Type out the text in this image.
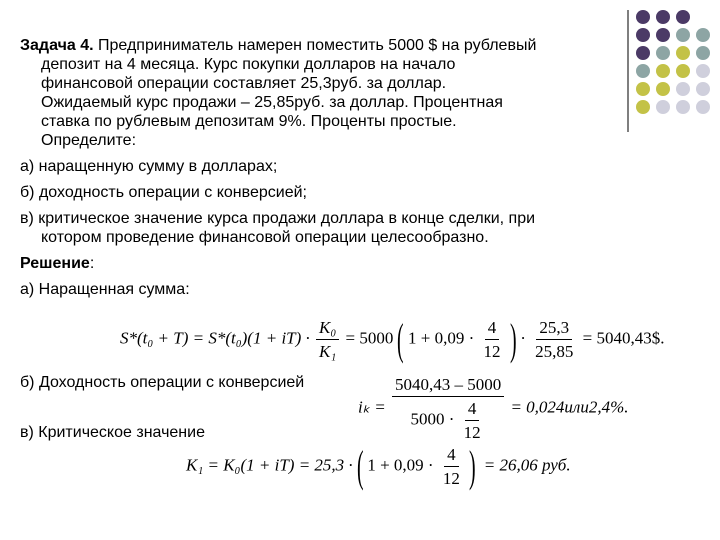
Задача 4. Предприниматель намерен поместить 5000 $ на рублевый

депозит на 4 месяца. Курс покупки долларов на начало

финансовой операции составляет 25,3руб. за доллар.

Ожидаемый курс продажи – 25,85руб. за доллар. Процентная

ставка по рублевым депозитам 9%. Проценты простые.

Определите:

а) наращенную сумму в долларах;

б) доходность операции с конверсией;

в) критическое значение курса продажи доллара в конце сделки, при

котором проведение финансовой операции целесообразно.

Решение:

а) Наращенная сумма:

$S*(t_0 + T) = S*(t_0)(1 + iT) \cdot \frac{\text{K₀}}{\text{K₁}} = 5000$( $1 + 0,09 \cdot \frac{4}{12}$ ) · $\frac{25,3}{25,85}$ = 5040,43$.
б) Доходность операции с конверсией
$i_k = \frac{5040,43 - 5000}{5000 \cdot \frac{4}{12}} = 0,024или2,4\%$.
в) Критическое значение
K₁ = K₀(1 + iT) = 25,3 ·( $1 + 0,09 \cdot \frac{4}{12}$ ) = 26,06 руб.
